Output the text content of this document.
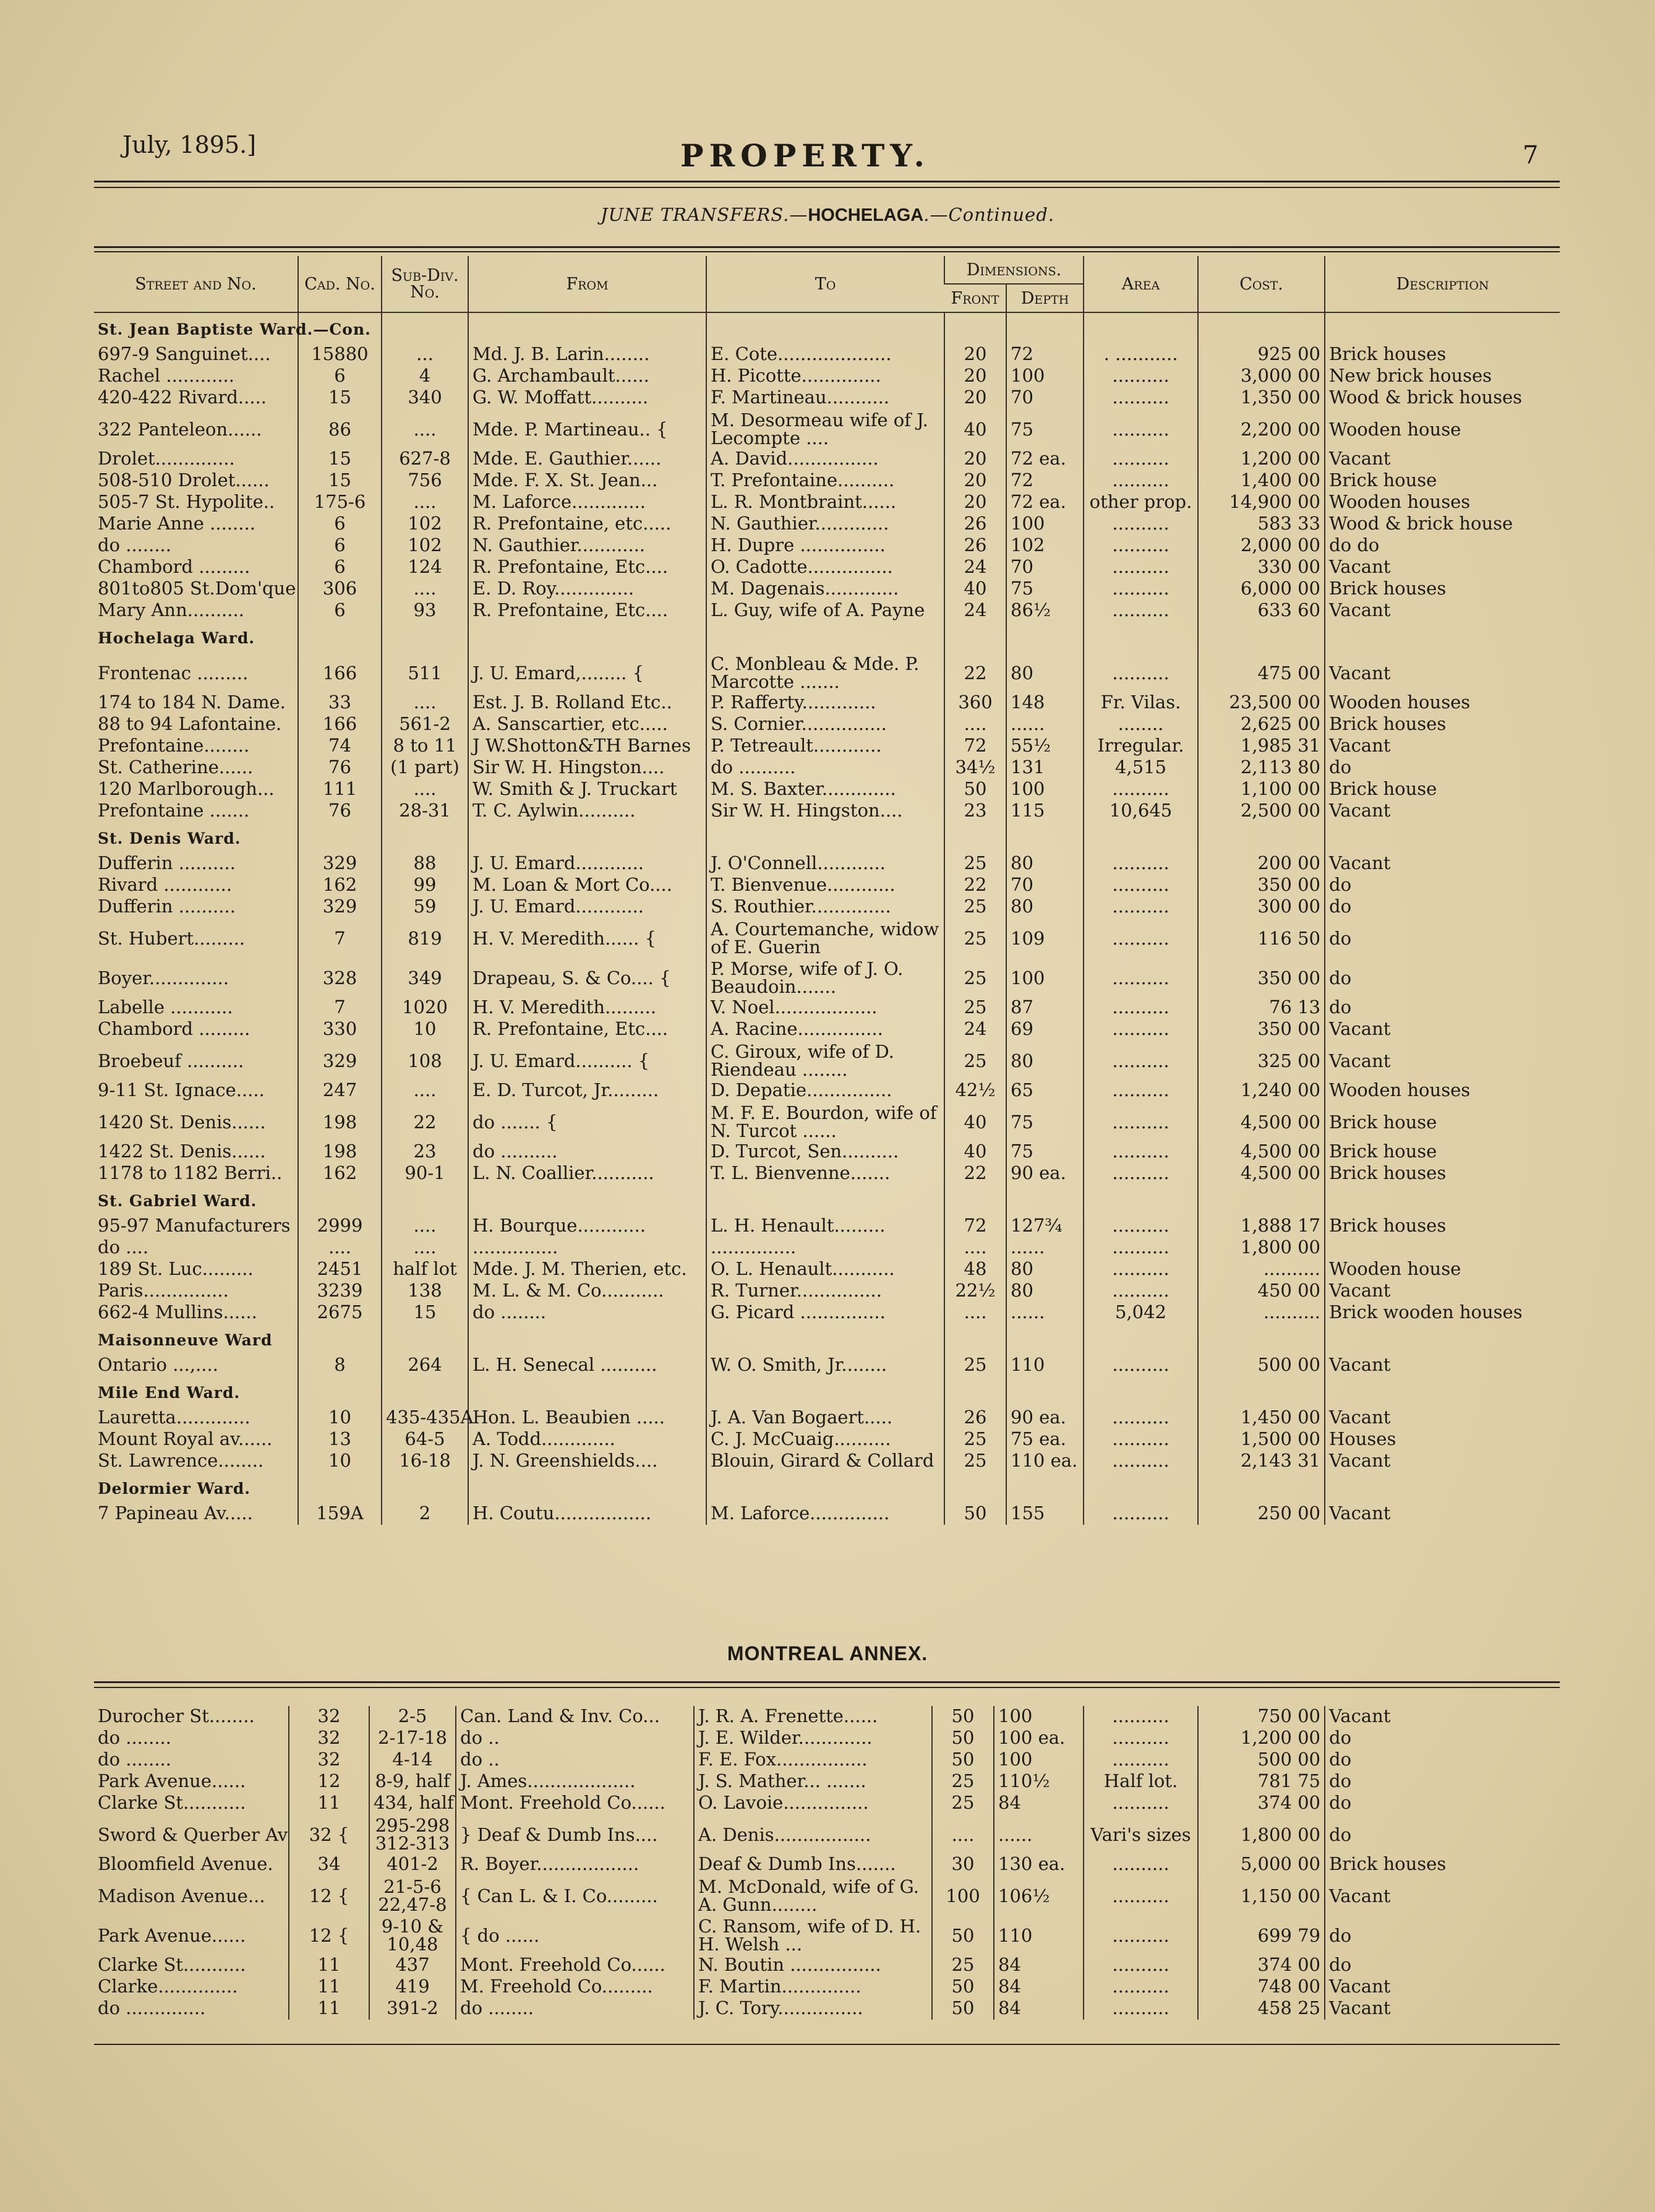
July, 1895.]	PROPERTY.	7
JUNE TRANSFERS.—HOCHELAGA.—Continued.
Street and No.	Cad. No.	Sub-Div. No.	From	To	Dimensions.		Area	Cost.	Description
					Front	Depth			
St. Jean Baptiste Ward.—Con.									
697-9 Sanguinet....	15880	...	Md. J. B. Larin........	E. Cote....................	20	72	. ...........	925 00	Brick houses
Rachel ............	6	4	G. Archambault......	H. Picotte..............	20	100	..........	3,000 00	New brick houses
420-422 Rivard.....	15	340	G. W. Moffatt..........	F. Martineau...........	20	70	..........	1,350 00	Wood & brick houses
322 Panteleon......	86	....	Mde. P. Martineau.. {	M. Desormeau wife of J. Lecompte ....	40	75	..........	2,200 00	Wooden house
Drolet..............	15	627-8	Mde. E. Gauthier......	A. David................	20	72 ea.	..........	1,200 00	Vacant
508-510 Drolet......	15	756	Mde. F. X. St. Jean...	T. Prefontaine..........	20	72	..........	1,400 00	Brick house
505-7 St. Hypolite..	175-6	....	M. Laforce.............	L. R. Montbraint......	20	72 ea.	other prop.	14,900 00	Wooden houses
Marie Anne ........	6	102	R. Prefontaine, etc.....	N. Gauthier.............	26	100	..........	583 33	Wood & brick house
do ........	6	102	N. Gauthier............	H. Dupre ...............	26	102	..........	2,000 00	do do
Chambord .........	6	124	R. Prefontaine, Etc....	O. Cadotte...............	24	70	..........	330 00	Vacant
801to805 St.Dom'que	306	....	E. D. Roy..............	M. Dagenais.............	40	75	..........	6,000 00	Brick houses
Mary Ann..........	6	93	R. Prefontaine, Etc....	L. Guy, wife of A. Payne	24	86½	..........	633 60	Vacant
Hochelaga Ward.									
Frontenac .........	166	511	J. U. Emard,........ {	C. Monbleau & Mde. P. Marcotte .......	22	80	..........	475 00	Vacant
174 to 184 N. Dame.	33	....	Est. J. B. Rolland Etc..	P. Rafferty.............	360	148	Fr. Vilas.	23,500 00	Wooden houses
88 to 94 Lafontaine.	166	561-2	A. Sanscartier, etc.....	S. Cornier...............	....	......	........	2,625 00	Brick houses
Prefontaine........	74	8 to 11	J W.Shotton&TH Barnes	P. Tetreault............	72	55½	Irregular.	1,985 31	Vacant
St. Catherine......	76	(1 part)	Sir W. H. Hingston....	do ..........	34½	131	4,515	2,113 80	do
120 Marlborough...	111	....	W. Smith & J. Truckart	M. S. Baxter.............	50	100	..........	1,100 00	Brick house
Prefontaine .......	76	28-31	T. C. Aylwin..........	Sir W. H. Hingston....	23	115	10,645	2,500 00	Vacant
St. Denis Ward.									
Dufferin ..........	329	88	J. U. Emard............	J. O'Connell............	25	80	..........	200 00	Vacant
Rivard ............	162	99	M. Loan & Mort Co....	T. Bienvenue............	22	70	..........	350 00	do
Dufferin ..........	329	59	J. U. Emard............	S. Routhier..............	25	80	..........	300 00	do
St. Hubert.........	7	819	H. V. Meredith...... {	A. Courtemanche, widow of E. Guerin	25	109	..........	116 50	do
Boyer..............	328	349	Drapeau, S. & Co.... {	P. Morse, wife of J. O. Beaudoin.......	25	100	..........	350 00	do
Labelle ...........	7	1020	H. V. Meredith.........	V. Noel..................	25	87	..........	76 13	do
Chambord .........	330	10	R. Prefontaine, Etc....	A. Racine...............	24	69	..........	350 00	Vacant
Broebeuf ..........	329	108	J. U. Emard.......... {	C. Giroux, wife of D. Riendeau ........	25	80	..........	325 00	Vacant
9-11 St. Ignace.....	247	....	E. D. Turcot, Jr.........	D. Depatie...............	42½	65	..........	1,240 00	Wooden houses
1420 St. Denis......	198	22	do ....... {	M. F. E. Bourdon, wife of N. Turcot ......	40	75	..........	4,500 00	Brick house
1422 St. Denis......	198	23	do ..........	D. Turcot, Sen..........	40	75	..........	4,500 00	Brick house
1178 to 1182 Berri..	162	90-1	L. N. Coallier...........	T. L. Bienvenne.......	22	90 ea.	..........	4,500 00	Brick houses
St. Gabriel Ward.									
95-97 Manufacturers	2999	....	H. Bourque............	L. H. Henault.........	72	127¾	..........	1,888 17	Brick houses
do ....	....	....	...............	...............	....	......	..........	1,800 00	
189 St. Luc.........	2451	half lot	Mde. J. M. Therien, etc.	O. L. Henault...........	48	80	..........	..........	Wooden house
Paris...............	3239	138	M. L. & M. Co...........	R. Turner...............	22½	80	..........	450 00	Vacant
662-4 Mullins......	2675	15	do ........	G. Picard ...............	....	......	5,042	..........	Brick wooden houses
Maisonneuve Ward									
Ontario ...,....	8	264	L. H. Senecal ..........	W. O. Smith, Jr........	25	110	..........	500 00	Vacant
Mile End Ward.									
Lauretta.............	10	435-435A	Hon. L. Beaubien .....	J. A. Van Bogaert.....	26	90 ea.	..........	1,450 00	Vacant
Mount Royal av......	13	64-5	A. Todd.............	C. J. McCuaig..........	25	75 ea.	..........	1,500 00	Houses
St. Lawrence........	10	16-18	J. N. Greenshields....	Blouin, Girard & Collard	25	110 ea.	..........	2,143 31	Vacant
Delormier Ward.									
7 Papineau Av.....	159A	2	H. Coutu.................	M. Laforce..............	50	155	..........	250 00	Vacant
MONTREAL ANNEX.
Durocher St........	32	2-5	Can. Land & Inv. Co...	J. R. A. Frenette......	50	100	..........	750 00	Vacant
do ........	32	2-17-18	do ..	J. E. Wilder.............	50	100 ea.	..........	1,200 00	do
do ........	32	4-14	do ..	F. E. Fox................	50	100	..........	500 00	do
Park Avenue......	12	8-9, half	J. Ames...................	J. S. Mather... .......	25	110½	Half lot.	781 75	do
Clarke St...........	11	434, half	Mont. Freehold Co......	O. Lavoie...............	25	84	..........	374 00	do
Sword & Querber Av	32 {	295-298 312-313	} Deaf & Dumb Ins....	A. Denis.................	....	......	Vari's sizes	1,800 00	do
Bloomfield Avenue.	34	401-2	R. Boyer..................	Deaf & Dumb Ins.......	30	130 ea.	..........	5,000 00	Brick houses
Madison Avenue...	12 {	21-5-6 22,47-8	{ Can L. & I. Co.........	M. McDonald, wife of G. A. Gunn........	100	106½	..........	1,150 00	Vacant
Park Avenue......	12 {	9-10 & 10,48	{ do ......	C. Ransom, wife of D. H. H. Welsh ...	50	110	..........	699 79	do
Clarke St...........	11	437	Mont. Freehold Co......	N. Boutin ................	25	84	..........	374 00	do
Clarke..............	11	419	M. Freehold Co.........	F. Martin..............	50	84	..........	748 00	Vacant
do ..............	11	391-2	do ........	J. C. Tory...............	50	84	..........	458 25	Vacant
